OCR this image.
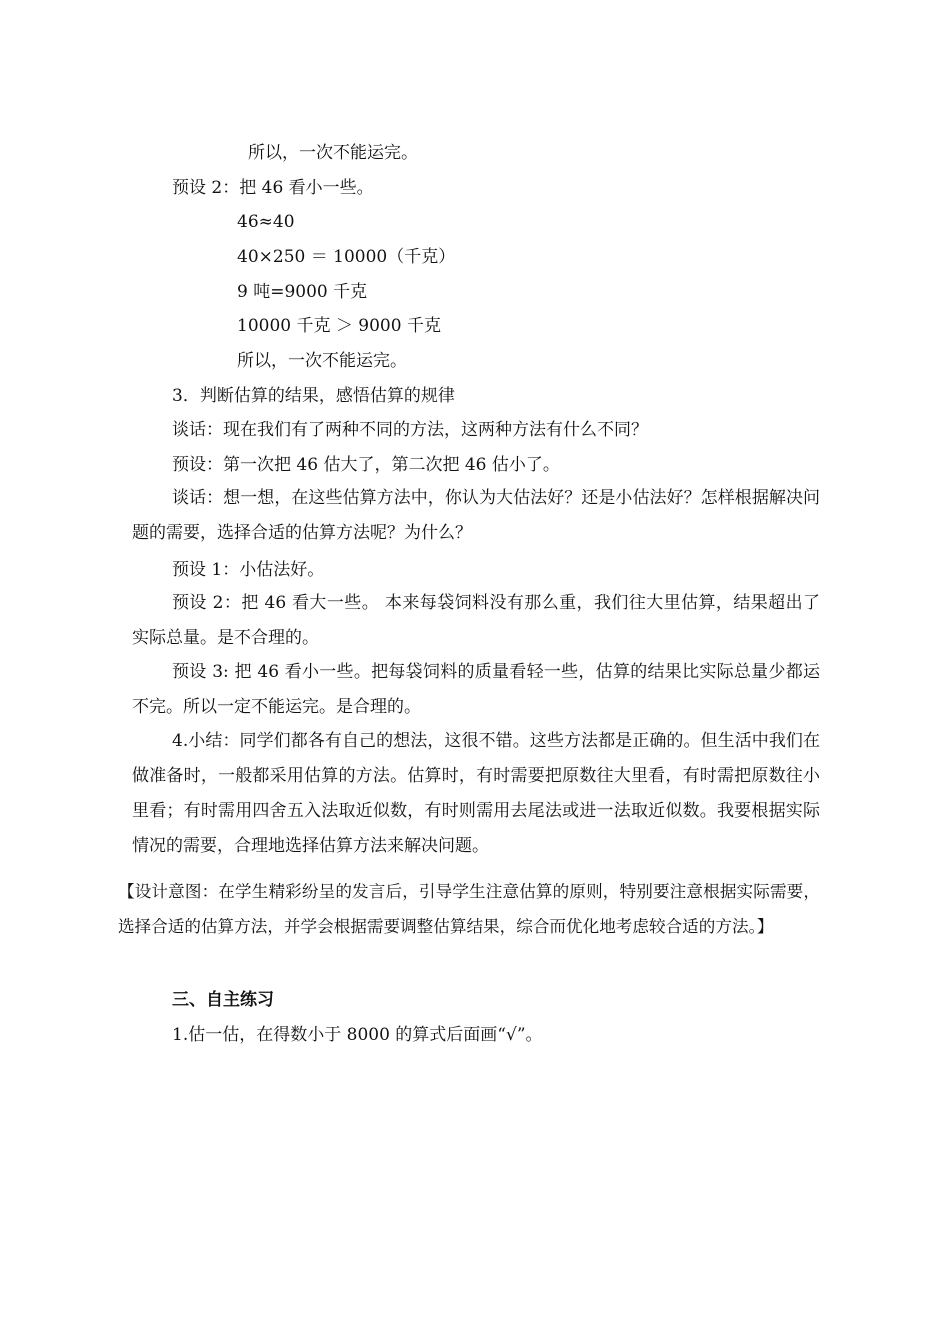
所以，一次不能运完。
预设 2：把 46 看小一些。
46≈40
40×250 ＝ 10000（千克）
9 吨=9000 千克
10000 千克 ＞ 9000 千克
所以，一次不能运完。
3．判断估算的结果，感悟估算的规律
谈话：现在我们有了两种不同的方法，这两种方法有什么不同？
预设：第一次把 46 估大了，第二次把 46 估小了。
谈话：想一想，在这些估算方法中，你认为大估法好？还是小估法好？怎样根据解决问题的需要，选择合适的估算方法呢？为什么？
预设 1：小估法好。
预设 2：把 46 看大一些。 本来每袋饲料没有那么重，我们往大里估算，结果超出了实际总量。是不合理的。
预设 3: 把 46 看小一些。把每袋饲料的质量看轻一些，估算的结果比实际总量少都运不完。所以一定不能运完。是合理的。
4.小结：同学们都各有自己的想法，这很不错。这些方法都是正确的。但生活中我们在做准备时，一般都采用估算的方法。估算时，有时需要把原数往大里看，有时需把原数往小里看；有时需用四舍五入法取近似数，有时则需用去尾法或进一法取近似数。我要根据实际情况的需要，合理地选择估算方法来解决问题。
【设计意图：在学生精彩纷呈的发言后，引导学生注意估算的原则，特别要注意根据实际需要，选择合适的估算方法，并学会根据需要调整估算结果，综合而优化地考虑较合适的方法。】
三、自主练习
1.估一估，在得数小于 8000 的算式后面画“√”。
